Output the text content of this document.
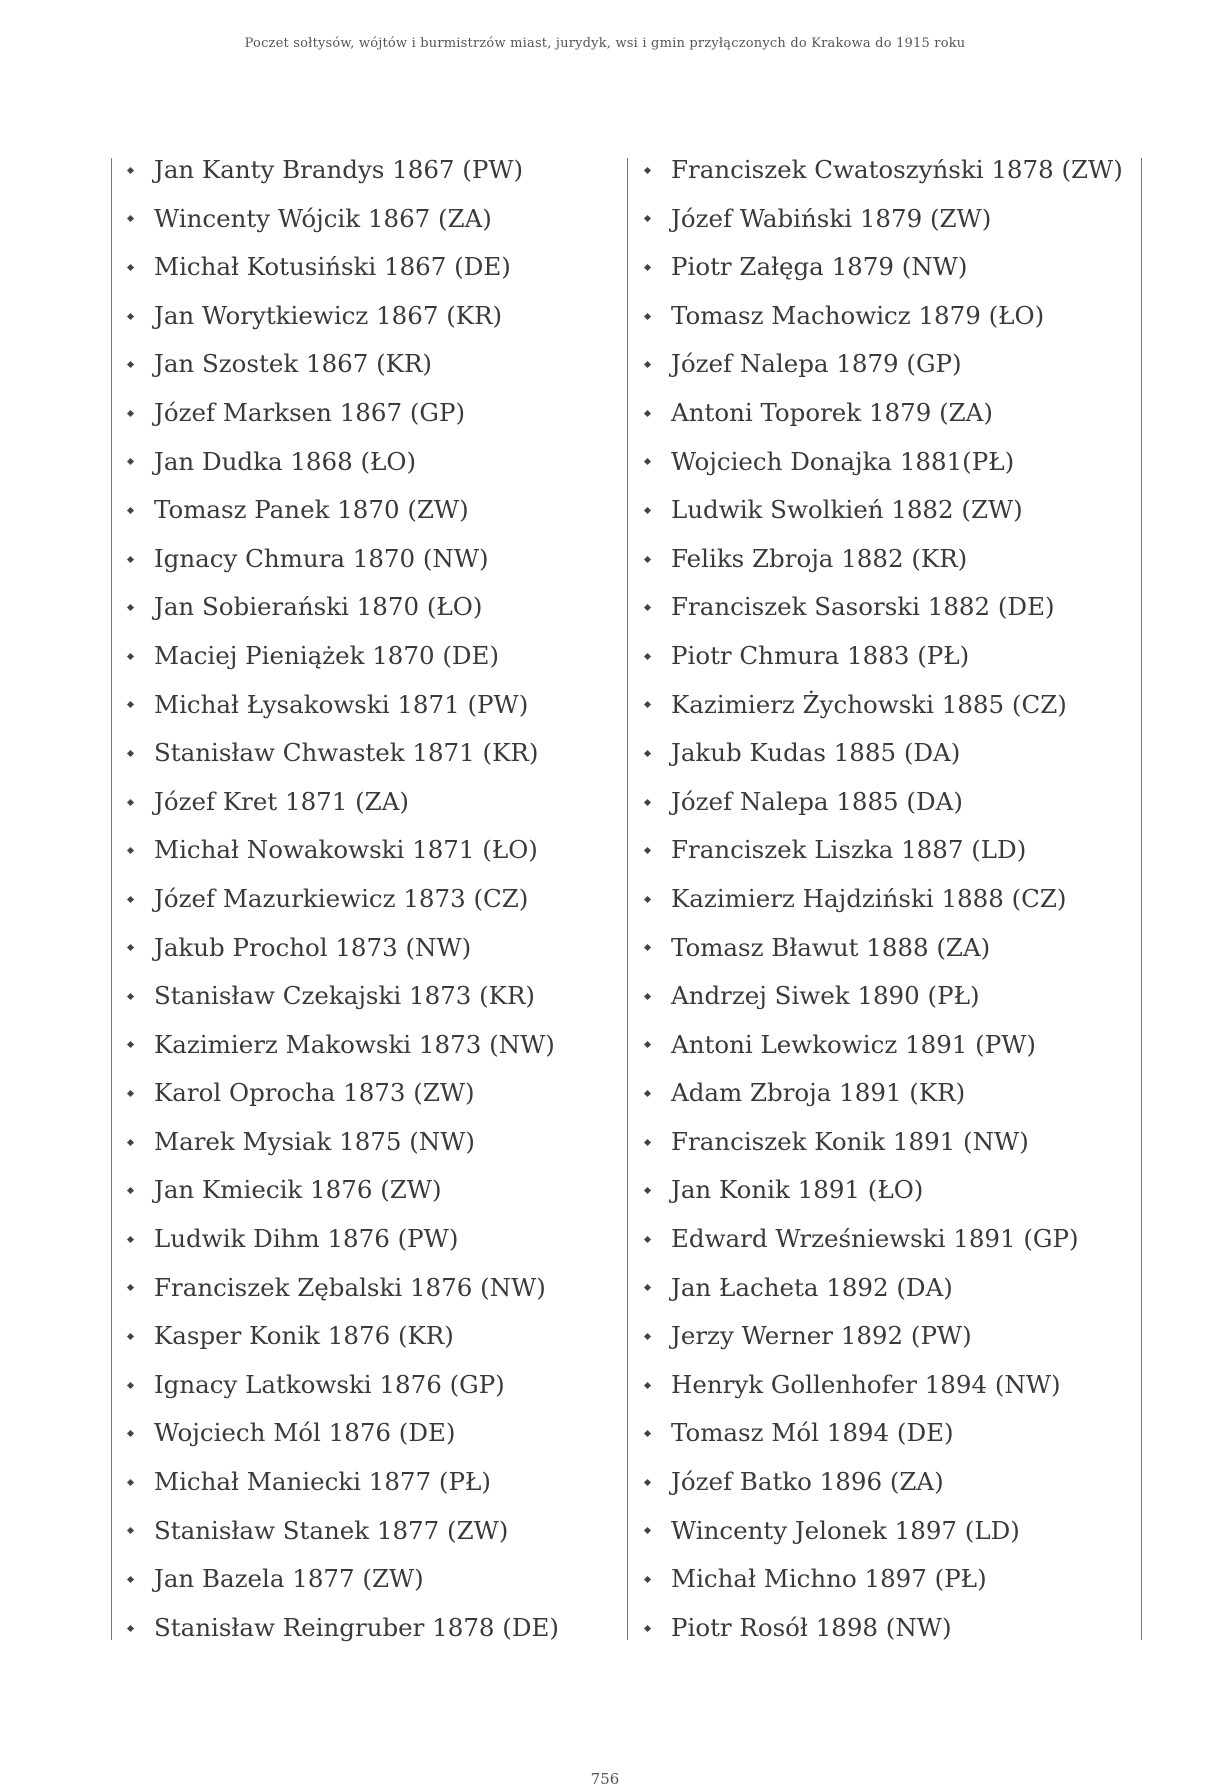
Poczet sołtysów, wójtów i burmistrzów miast, jurydyk, wsi i gmin przyłączonych do Krakowa do 1915 roku
Jan Kanty Brandys 1867 (PW)
Wincenty Wójcik 1867 (ZA)
Michał Kotusiński 1867 (DE)
Jan Worytkiewicz 1867 (KR)
Jan Szostek 1867 (KR)
Józef Marksen 1867 (GP)
Jan Dudka 1868 (ŁO)
Tomasz Panek 1870 (ZW)
Ignacy Chmura 1870 (NW)
Jan Sobierański 1870 (ŁO)
Maciej Pieniążek 1870 (DE)
Michał Łysakowski 1871 (PW)
Stanisław Chwastek 1871 (KR)
Józef Kret 1871 (ZA)
Michał Nowakowski 1871 (ŁO)
Józef Mazurkiewicz 1873 (CZ)
Jakub Prochol 1873 (NW)
Stanisław Czekajski 1873 (KR)
Kazimierz Makowski 1873 (NW)
Karol Oprocha 1873 (ZW)
Marek Mysiak 1875 (NW)
Jan Kmiecik 1876 (ZW)
Ludwik Dihm 1876 (PW)
Franciszek Zębalski 1876 (NW)
Kasper Konik 1876 (KR)
Ignacy Latkowski 1876 (GP)
Wojciech Mól 1876 (DE)
Michał Maniecki 1877 (PŁ)
Stanisław Stanek 1877 (ZW)
Jan Bazela 1877 (ZW)
Stanisław Reingruber 1878 (DE)
Franciszek Cwatoszyński 1878 (ZW)
Józef Wabiński 1879 (ZW)
Piotr Załęga 1879 (NW)
Tomasz Machowicz 1879 (ŁO)
Józef Nalepa 1879 (GP)
Antoni Toporek 1879 (ZA)
Wojciech Donajka 1881(PŁ)
Ludwik Swolkień 1882 (ZW)
Feliks Zbroja 1882 (KR)
Franciszek Sasorski 1882 (DE)
Piotr Chmura 1883 (PŁ)
Kazimierz Żychowski 1885 (CZ)
Jakub Kudas 1885 (DA)
Józef Nalepa 1885 (DA)
Franciszek Liszka 1887 (LD)
Kazimierz Hajdziński 1888 (CZ)
Tomasz Bławut 1888 (ZA)
Andrzej Siwek 1890 (PŁ)
Antoni Lewkowicz 1891 (PW)
Adam Zbroja 1891 (KR)
Franciszek Konik 1891 (NW)
Jan Konik 1891 (ŁO)
Edward Wrześniewski 1891 (GP)
Jan Łacheta 1892 (DA)
Jerzy Werner 1892 (PW)
Henryk Gollenhofer 1894 (NW)
Tomasz Mól 1894 (DE)
Józef Batko 1896 (ZA)
Wincenty Jelonek 1897 (LD)
Michał Michno 1897 (PŁ)
Piotr Rosół 1898 (NW)
756
